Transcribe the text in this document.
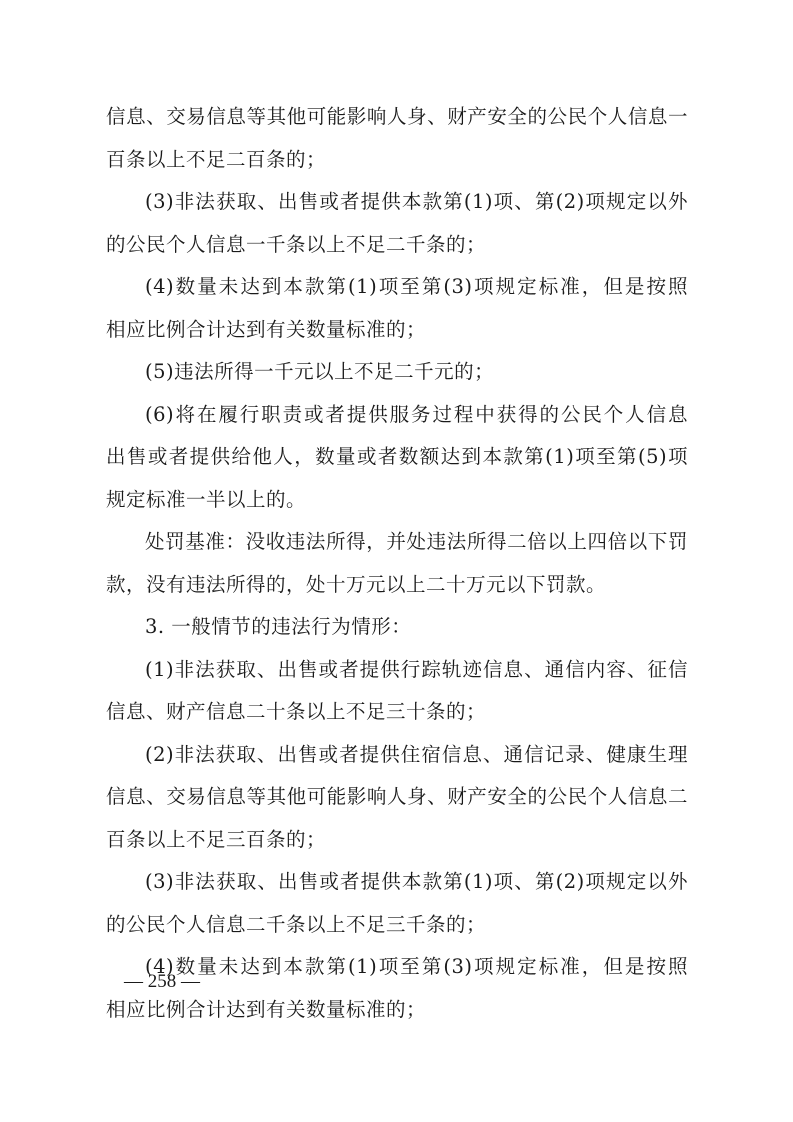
信息、交易信息等其他可能影响人身、财产安全的公民个人信息一
百条以上不足二百条的；
(3)非法获取、出售或者提供本款第(1)项、第(2)项规定以外
的公民个人信息一千条以上不足二千条的；
(4)数量未达到本款第(1)项至第(3)项规定标准，但是按照
相应比例合计达到有关数量标准的；
(5)违法所得一千元以上不足二千元的；
(6)将在履行职责或者提供服务过程中获得的公民个人信息
出售或者提供给他人，数量或者数额达到本款第(1)项至第(5)项
规定标准一半以上的。
处罚基准：没收违法所得，并处违法所得二倍以上四倍以下罚
款，没有违法所得的，处十万元以上二十万元以下罚款。
3. 一般情节的违法行为情形：
(1)非法获取、出售或者提供行踪轨迹信息、通信内容、征信
信息、财产信息二十条以上不足三十条的；
(2)非法获取、出售或者提供住宿信息、通信记录、健康生理
信息、交易信息等其他可能影响人身、财产安全的公民个人信息二
百条以上不足三百条的；
(3)非法获取、出售或者提供本款第(1)项、第(2)项规定以外
的公民个人信息二千条以上不足三千条的；
(4)数量未达到本款第(1)项至第(3)项规定标准，但是按照
相应比例合计达到有关数量标准的；
— 258 —
